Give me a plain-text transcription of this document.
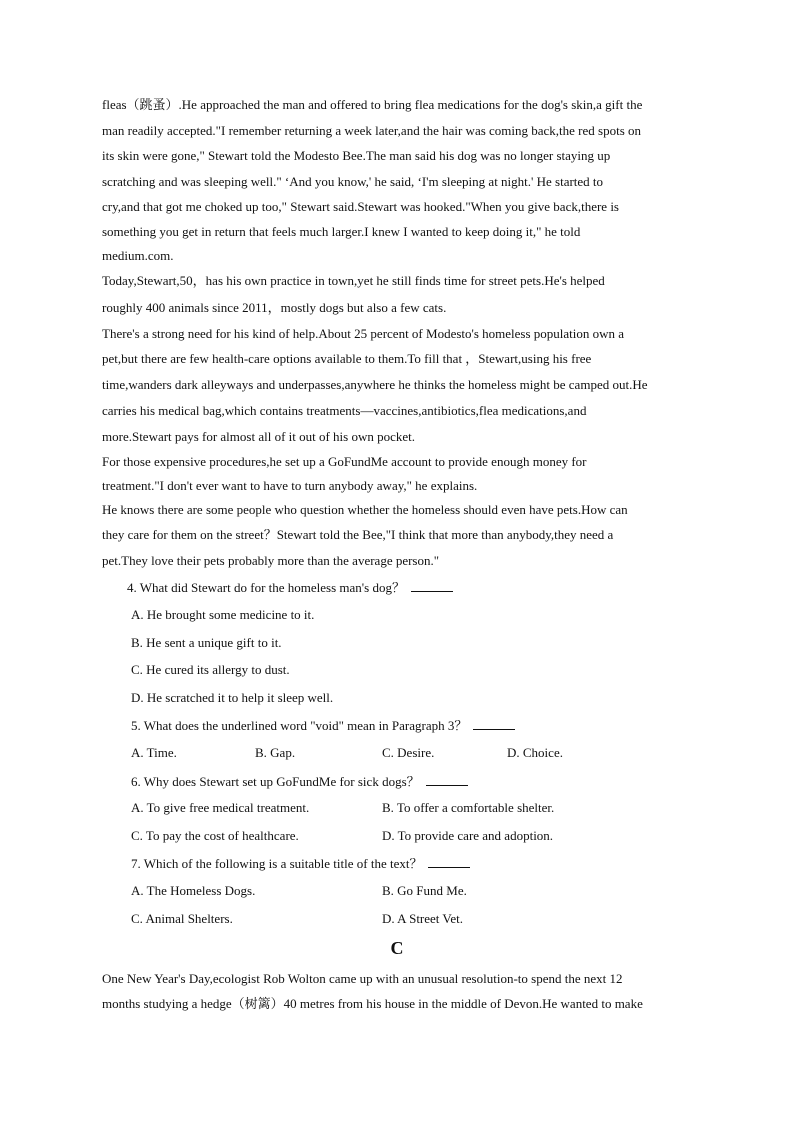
fleas（跳蚤）.He approached the man and offered to bring flea medications for the dog's skin,a gift the
man readily accepted."I remember returning a week later,and the hair was coming back,the red spots on
its skin were gone," Stewart told the Modesto Bee.The man said his dog was no longer staying up
scratching and was sleeping well." ‘And you know,' he said, ‘I'm sleeping at night.' He started to
cry,and that got me choked up too," Stewart said.Stewart was hooked."When you give back,there is
something you get in return that feels much larger.I knew I wanted to keep doing it," he told
medium.com.
Today,Stewart,50，has his own practice in town,yet he still finds time for street pets.He's helped
roughly 400 animals since 2011，mostly dogs but also a few cats.
There's a strong need for his kind of help.About 25 percent of Modesto's homeless population own a
pet,but there are few health-care options available to them.To fill that ，Stewart,using his free
time,wanders dark alleyways and underpasses,anywhere he thinks the homeless might be camped out.He
carries his medical bag,which contains treatments—vaccines,antibiotics,flea medications,and
more.Stewart pays for almost all of it out of his own pocket.
For those expensive procedures,he set up a GoFundMe account to provide enough money for
treatment."I don't ever want to have to turn anybody away," he explains.
He knows there are some people who question whether the homeless should even have pets.How can
they care for them on the street？Stewart told the Bee,"I think that more than anybody,they need a
pet.They love their pets probably more than the average person."
4. What did Stewart do for the homeless man's dog？
A. He brought some medicine to it.
B. He sent a unique gift to it.
C. He cured its allergy to dust.
D. He scratched it to help it sleep well.
5. What does the underlined word "void" mean in Paragraph 3？
A. Time.	B. Gap.	C. Desire.	D. Choice.
6. Why does Stewart set up GoFundMe for sick dogs？
A. To give free medical treatment.	B. To offer a comfortable shelter.
C. To pay the cost of healthcare.	D. To provide care and adoption.
7. Which of the following is a suitable title of the text？
A. The Homeless Dogs.	B. Go Fund Me.
C. Animal Shelters.	D. A Street Vet.
C
One New Year's Day,ecologist Rob Wolton came up with an unusual resolution-to spend the next 12
months studying a hedge（树篱）40 metres from his house in the middle of Devon.He wanted to make
